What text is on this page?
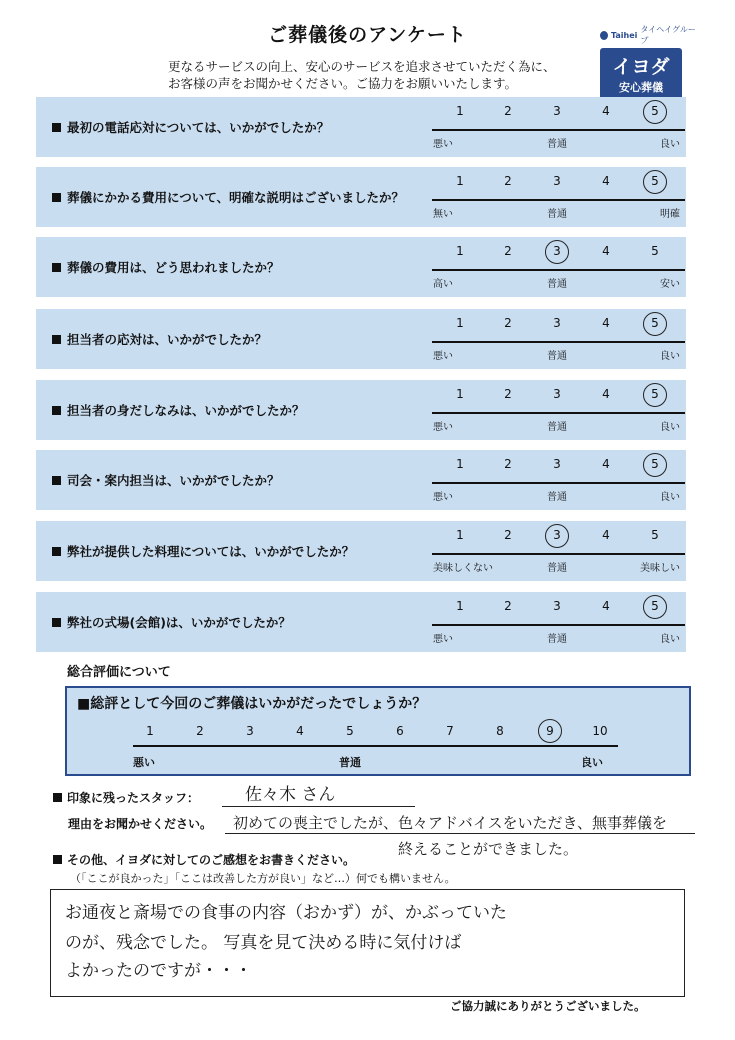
ご葬儀後のアンケート
更なるサービスの向上、安心のサービスを追求させていただく為に、
お客様の声をお聞かせください。ご協力をお願いいたします。
Taihei
タイヘイグループ
イヨダ
安心葬儀
最初の電話応対については、いかがでしたか？
1	2	3	4	5
悪い	普通	良い
葬儀にかかる費用について、明確な説明はございましたか？
1	2	3	4	5
無い	普通	明確
葬儀の費用は、どう思われましたか？
1	2	3	4	5
高い	普通	安い
担当者の応対は、いかがでしたか？
1	2	3	4	5
悪い	普通	良い
担当者の身だしなみは、いかがでしたか？
1	2	3	4	5
悪い	普通	良い
司会・案内担当は、いかがでしたか？
1	2	3	4	5
悪い	普通	良い
弊社が提供した料理については、いかがでしたか？
1	2	3	4	5
美味しくない	普通	美味しい
弊社の式場(会館)は、いかがでしたか？
1	2	3	4	5
悪い	普通	良い
総合評価について
■総評として今回のご葬儀はいかがだったでしょうか？
1	2	3	4	5	6	7	8	9	10
悪い	普通	良い
印象に残ったスタッフ：	佐々木 さん
理由をお聞かせください。 初めての喪主でしたが、色々アドバイスをいただき、無事葬儀を
終えることができました。
その他、イヨダに対してのご感想をお書きください。
（「ここが良かった」「ここは改善した方が良い」など…）何でも構いません。
お通夜と斎場での食事の内容（おかず）が、かぶっていた
のが、残念でした。 写真を見て決める時に気付けば
よかったのですが・・・
ご協力誠にありがとうございました。
